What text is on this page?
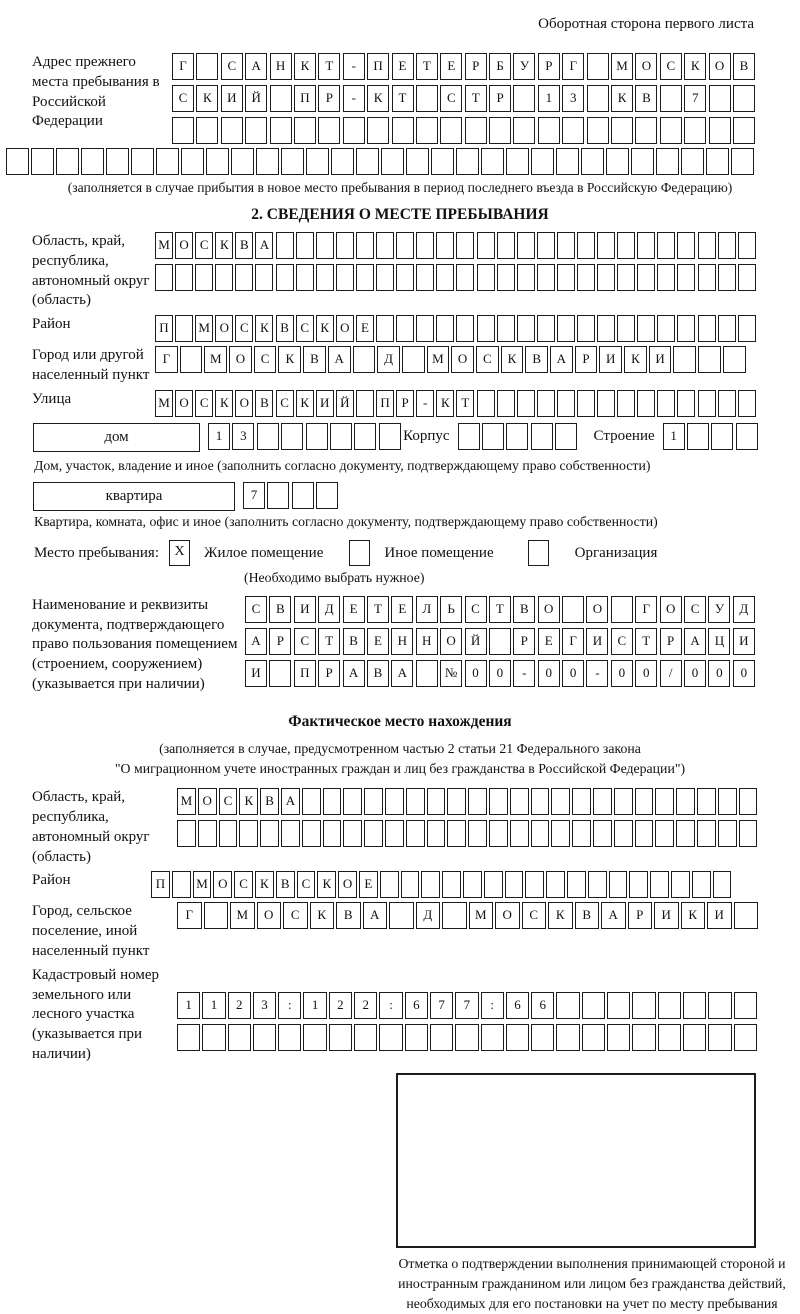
Оборотная сторона первого листа
Адрес прежнего места пребывания в Российской Федерации
Г	С А Н К Т - П Е Т Е Р Б У Р Г	М О С К О В
С К И Й	П Р - К Т	С Т Р	1 3	К В	7
(заполняется в случае прибытия в новое место пребывания в период последнего въезда в Российскую Федерацию)
2. СВЕДЕНИЯ О МЕСТЕ ПРЕБЫВАНИЯ
Область, край, республика, автономный округ (область)
М О С К В А
Район	П М О С К В С К О Е
Город или другой населенный пункт
Г	М О С К В А	Д	М О С К В А Р И К И
Улица	М О С К О В С К И Й П Р - К Т
дом	1 3	Корпус	Строение 1
Дом, участок, владение и иное (заполнить согласно документу, подтверждающему право собственности)
квартира	7
Квартира, комната, офис и иное (заполнить согласно документу, подтверждающему право собственности)
Место пребывания: X Жилое помещение	Иное помещение	Организация
(Необходимо выбрать нужное)
Наименование и реквизиты документа, подтверждающего право пользования помещением (строением, сооружением) (указывается при наличии)
С В И Д Е Т Е Л Ь С Т В О	О	Г О С У Д
А Р С Т В Е Н Н О Й	Р Е Г И С Т Р А Ц И
И	П Р А В А	№ 0 0 - 0 0 - 0 0 / 0 0 0
Фактическое место нахождения
(заполняется в случае, предусмотренном частью 2 статьи 21 Федерального закона
"О миграционном учете иностранных граждан и лиц без гражданства в Российской Федерации")
Область, край, республика, автономный округ (область)
М О С К В А
Район	П М О С К В С К О Е
Город, сельское поселение, иной населенный пункт
Г	М О С К В А	Д	М О С К В А Р И К И
Кадастровый номер земельного или лесного участка (указывается при наличии)
1 1 2 3 : 1 2 2 : 6 7 7 : 6 6
Отметка о подтверждении выполнения принимающей стороной и иностранным гражданином или лицом без гражданства действий, необходимых для его постановки на учет по месту пребывания
